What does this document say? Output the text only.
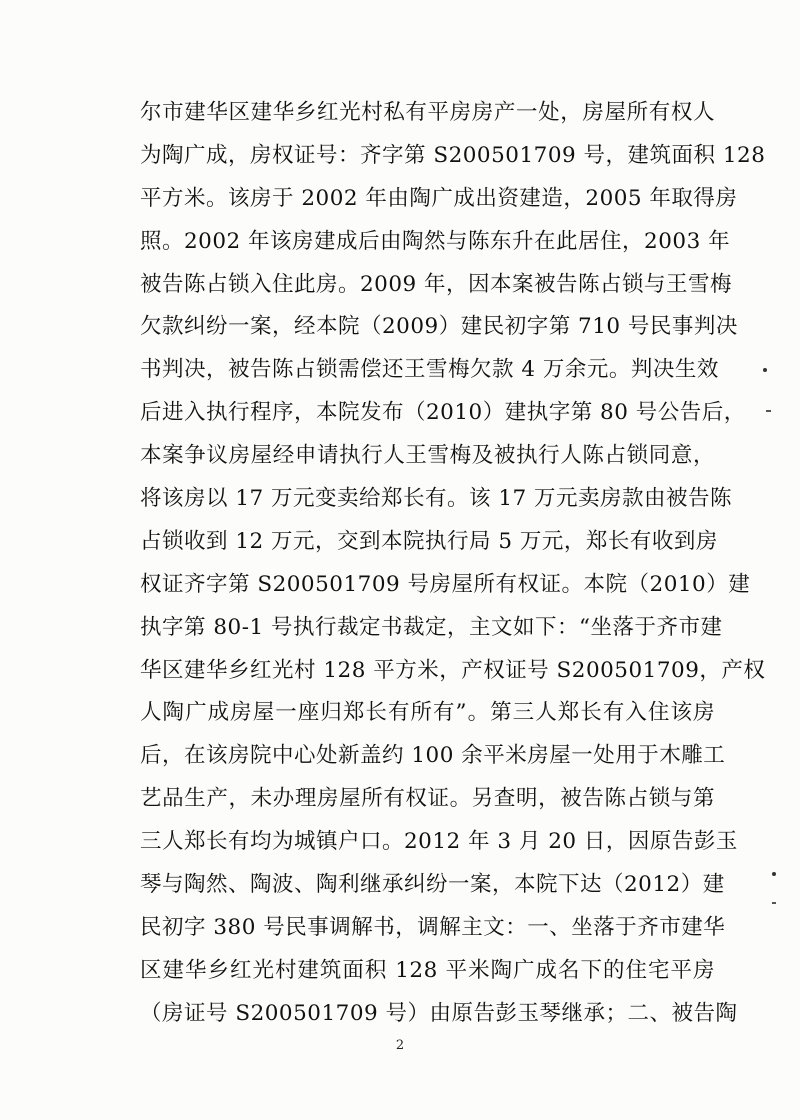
尔市建华区建华乡红光村私有平房房产一处，房屋所有权人
为陶广成，房权证号：齐字第 S200501709 号，建筑面积 128
平方米。该房于 2002 年由陶广成出资建造，2005 年取得房
照。2002 年该房建成后由陶然与陈东升在此居住，2003 年
被告陈占锁入住此房。2009 年，因本案被告陈占锁与王雪梅
欠款纠纷一案，经本院（2009）建民初字第 710 号民事判决
书判决，被告陈占锁需偿还王雪梅欠款 4 万余元。判决生效
后进入执行程序，本院发布（2010）建执字第 80 号公告后，
本案争议房屋经申请执行人王雪梅及被执行人陈占锁同意，
将该房以 17 万元变卖给郑长有。该 17 万元卖房款由被告陈
占锁收到 12 万元，交到本院执行局 5 万元，郑长有收到房
权证齐字第 S200501709 号房屋所有权证。本院（2010）建
执字第 80-1 号执行裁定书裁定，主文如下：“坐落于齐市建
华区建华乡红光村 128 平方米，产权证号 S200501709，产权
人陶广成房屋一座归郑长有所有”。第三人郑长有入住该房
后，在该房院中心处新盖约 100 余平米房屋一处用于木雕工
艺品生产，未办理房屋所有权证。另查明，被告陈占锁与第
三人郑长有均为城镇户口。2012 年 3 月 20 日，因原告彭玉
琴与陶然、陶波、陶利继承纠纷一案，本院下达（2012）建
民初字 380 号民事调解书，调解主文：一、坐落于齐市建华
区建华乡红光村建筑面积 128 平米陶广成名下的住宅平房
（房证号 S200501709 号）由原告彭玉琴继承；二、被告陶
2
